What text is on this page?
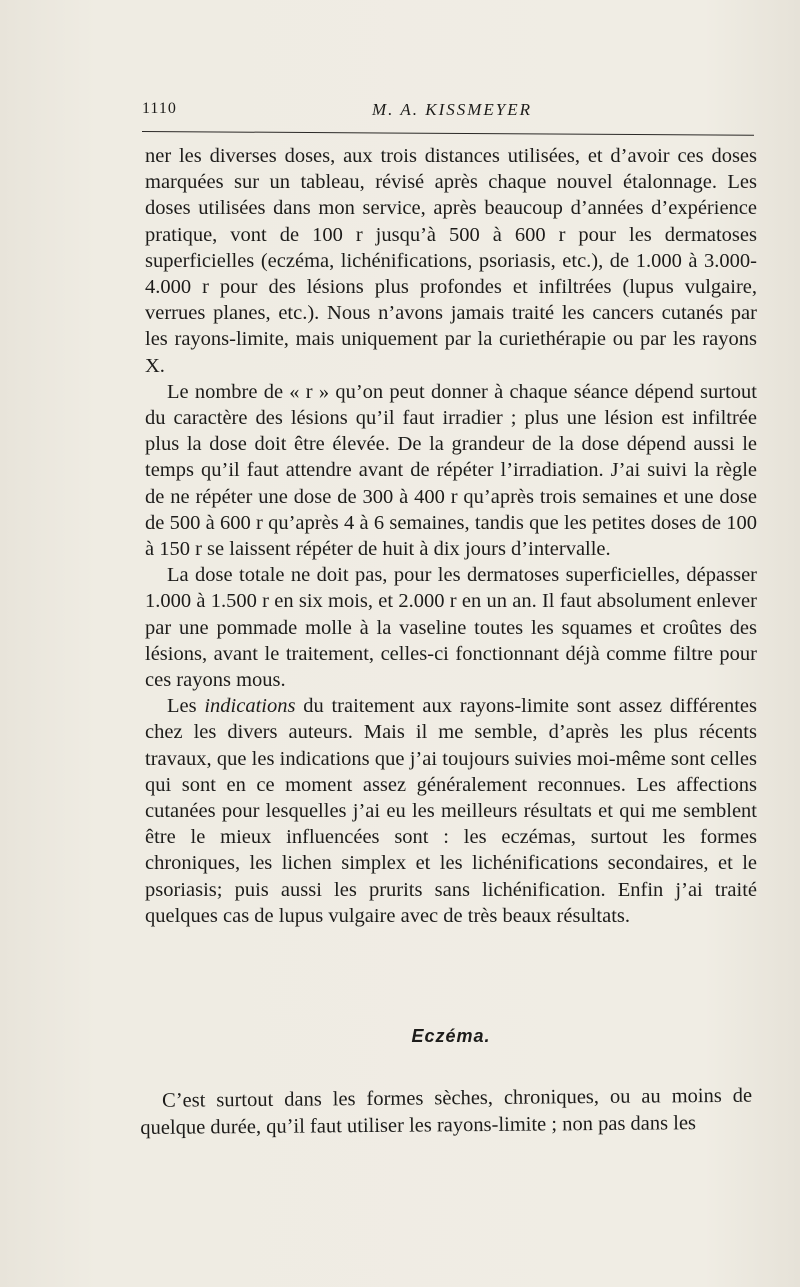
1110	M. A. KISSMEYER

ner les diverses doses, aux trois distances utilisées, et d’avoir ces doses marquées sur un tableau, révisé après chaque nouvel étalonnage. Les doses utilisées dans mon service, après beaucoup d’années d’expérience pratique, vont de 100 r jusqu’à 500 à 600 r pour les dermatoses superficielles (eczéma, lichénifications, psoriasis, etc.), de 1.000 à 3.000-4.000 r pour des lésions plus profondes et infiltrées (lupus vulgaire, verrues planes, etc.). Nous n’avons jamais traité les cancers cutanés par les rayons-limite, mais uniquement par la curiethérapie ou par les rayons X.

Le nombre de « r » qu’on peut donner à chaque séance dépend surtout du caractère des lésions qu’il faut irradier ; plus une lésion est infiltrée plus la dose doit être élevée. De la grandeur de la dose dépend aussi le temps qu’il faut attendre avant de répéter l’irradiation. J’ai suivi la règle de ne répéter une dose de 300 à 400 r qu’après trois semaines et une dose de 500 à 600 r qu’après 4 à 6 semaines, tandis que les petites doses de 100 à 150 r se laissent répéter de huit à dix jours d’intervalle.

La dose totale ne doit pas, pour les dermatoses superficielles, dépasser 1.000 à 1.500 r en six mois, et 2.000 r en un an. Il faut absolument enlever par une pommade molle à la vaseline toutes les squames et croûtes des lésions, avant le traitement, celles-ci fonctionnant déjà comme filtre pour ces rayons mous.

Les indications du traitement aux rayons-limite sont assez différentes chez les divers auteurs. Mais il me semble, d’après les plus récents travaux, que les indications que j’ai toujours suivies moi-même sont celles qui sont en ce moment assez généralement reconnues. Les affections cutanées pour lesquelles j’ai eu les meilleurs résultats et qui me semblent être le mieux influencées sont : les eczémas, surtout les formes chroniques, les lichen simplex et les lichénifications secondaires, et le psoriasis; puis aussi les prurits sans lichénification. Enfin j’ai traité quelques cas de lupus vulgaire avec de très beaux résultats.

Eczéma.

C’est surtout dans les formes sèches, chroniques, ou au moins de quelque durée, qu’il faut utiliser les rayons-limite ; non pas dans les
